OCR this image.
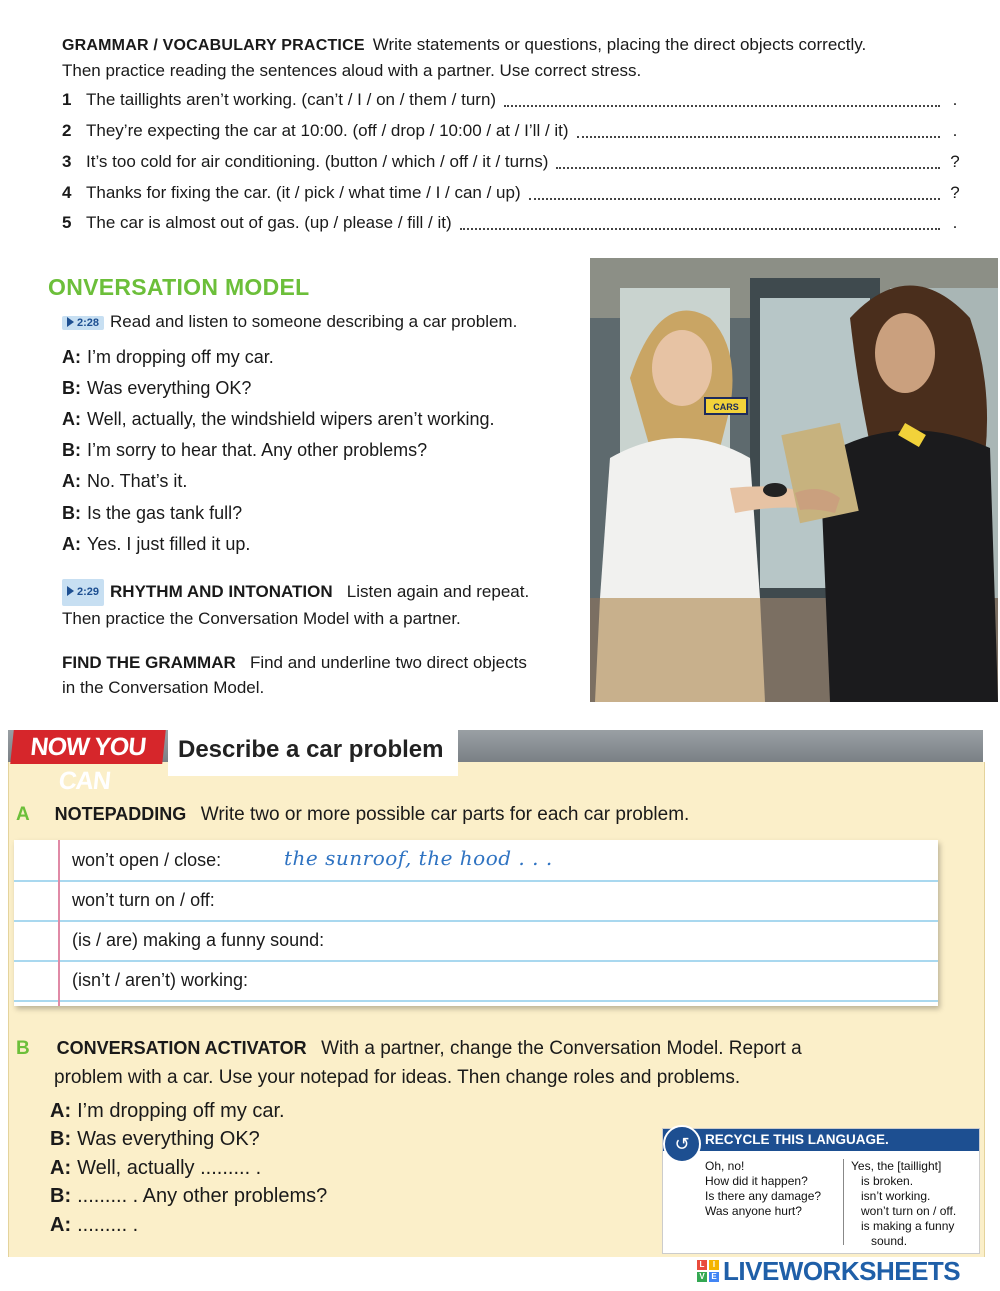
GRAMMAR / VOCABULARY PRACTICE Write statements or questions, placing the direct objects correctly.
Then practice reading the sentences aloud with a partner. Use correct stress.
1 The taillights aren’t working. (can’t / I / on / them / turn)	.
2 They’re expecting the car at 10:00. (off / drop / 10:00 / at / I’ll / it)	.
3 It’s too cold for air conditioning. (button / which / off / it / turns)	?
4 Thanks for fixing the car. (it / pick / what time / I / can / up)	?
5 The car is almost out of gas. (up / please / fill / it)	.
ONVERSATION MODEL
2:28 Read and listen to someone describing a car problem.
A: I’m dropping off my car.
B: Was everything OK?
A: Well, actually, the windshield wipers aren’t working.
B: I’m sorry to hear that. Any other problems?
A: No. That’s it.
B: Is the gas tank full?
A: Yes. I just filled it up.
2:29 RHYTHM AND INTONATION Listen again and repeat.
Then practice the Conversation Model with a partner.
FIND THE GRAMMAR Find and underline two direct objects
in the Conversation Model.
CARS
NOW YOU CAN
Describe a car problem
A NOTEPADDING Write two or more possible car parts for each car problem.
won’t open / close:	the sunroof, the hood . . .
won’t turn on / off:
(is / are) making a funny sound:
(isn’t / aren’t) working:
B CONVERSATION ACTIVATOR With a partner, change the Conversation Model. Report a
problem with a car. Use your notepad for ideas. Then change roles and problems.
A: I’m dropping off my car.
B: Was everything OK?
A: Well, actually ......... .
B: ......... . Any other problems?
A: ......... .
RECYCLE THIS LANGUAGE.
↺
Oh, no!
How did it happen?
Is there any damage?
Was anyone hurt?
Yes, the [taillight]
is broken.
isn’t working.
won’t turn on / off.
is making a funny
sound.
L	I
V E LIVEWORKSHEETS
